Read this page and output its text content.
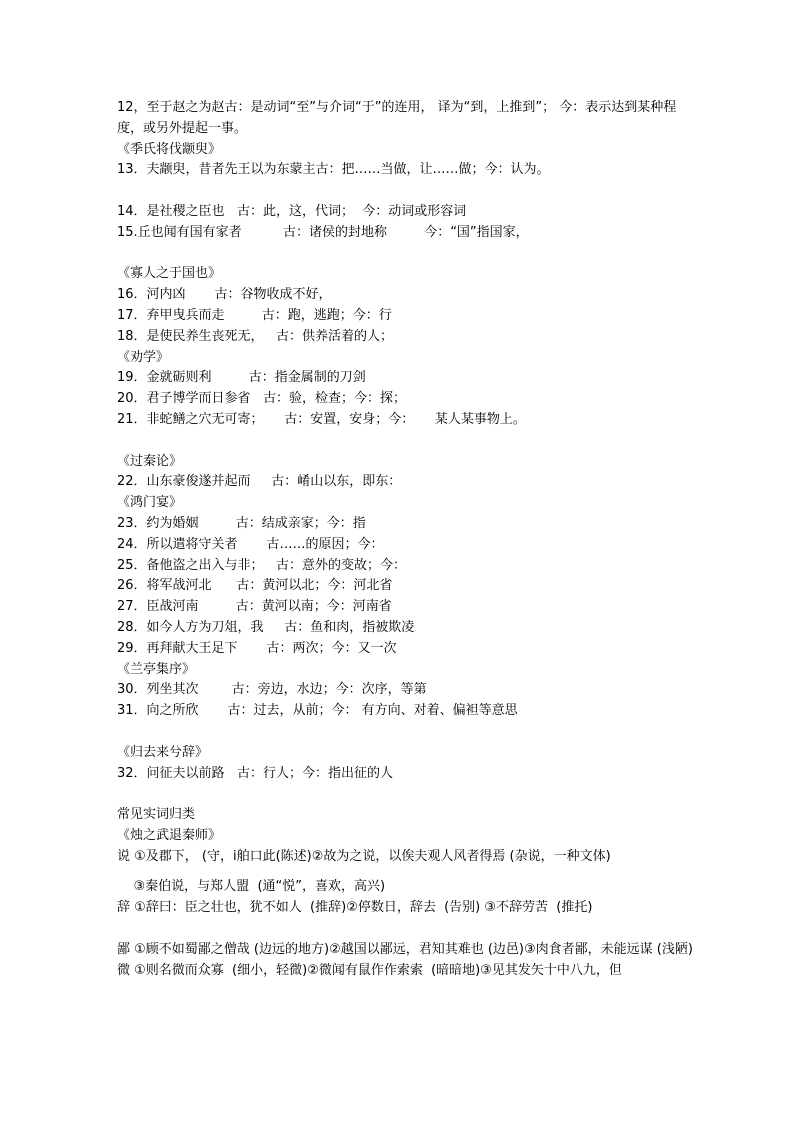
12，至于赵之为赵古：是动词“至”与介词“于”的连用， 译为“到，上推到”； 今：表示达到某种程度，或另外提起一事。
《季氏将伐颛臾》
13．夫颛臾，昔者先王以为东蒙主古：把……当做，让……做；今：认为。
14．是社稷之臣也   古：此，这，代词；  今：动词或形容词
15.丘也闻有国有家者          古：诸侯的封地称         今：“国”指国家，
《寡人之于国也》
16．河内凶       古：谷物收成不好，
17．弃甲曳兵而走         古：跑，逃跑；今：行
18．是使民养生丧死无，   古：供养活着的人；
《劝学》
19．金就砺则利         古：指金属制的刀剑
20．君子博学而日参省   古：验，检查；今：探；
21．非蛇鳝之穴无可寄；     古：安置，安身；今：     某人某事物上。
《过秦论》
22．山东豪俊遂并起而     古：崤山以东，即东：
《鸿门宴》
23．约为婚姻         古：结成亲家；今：指
24．所以遣将守关者       古……的原因；今：
25．备他盗之出入与非；   古：意外的变故；今：
26．将军战河北      古：黄河以北；今：河北省
27．臣战河南         古：黄河以南；今：河南省
28．如今人方为刀俎，我     古：鱼和肉，指被欺凌
29．再拜献大王足下       古：两次；今：又一次
《兰亭集序》
30．列坐其次        古：旁边，水边；今：次序，等第
31．向之所欣       古：过去，从前；今： 有方向、对着、偏袒等意思
《归去来兮辞》
32．问征夫以前路   古：行人；今：指出征的人
常见实词归类
《烛之武退秦师》
说 ①及郡下， (守，i舶口此(陈述)②故为之说，以俟夫观人风者得焉 (杂说，一种文体)
③秦伯说，与郑人盟  (通“悦”，喜欢，高兴)
辞 ①辞曰：臣之壮也，犹不如人  (推辞)②停数日，辞去  (告别) ③不辞劳苦  (推托)
鄙 ①顾不如蜀鄙之僧哉 (边远的地方)②越国以鄙远，君知其难也 (边邑)③肉食者鄙，未能远谋 (浅陋)
微 ①则名微而众寡  (细小，轻微)②微闻有鼠作作索索  (暗暗地)③见其发矢十中八九，但
